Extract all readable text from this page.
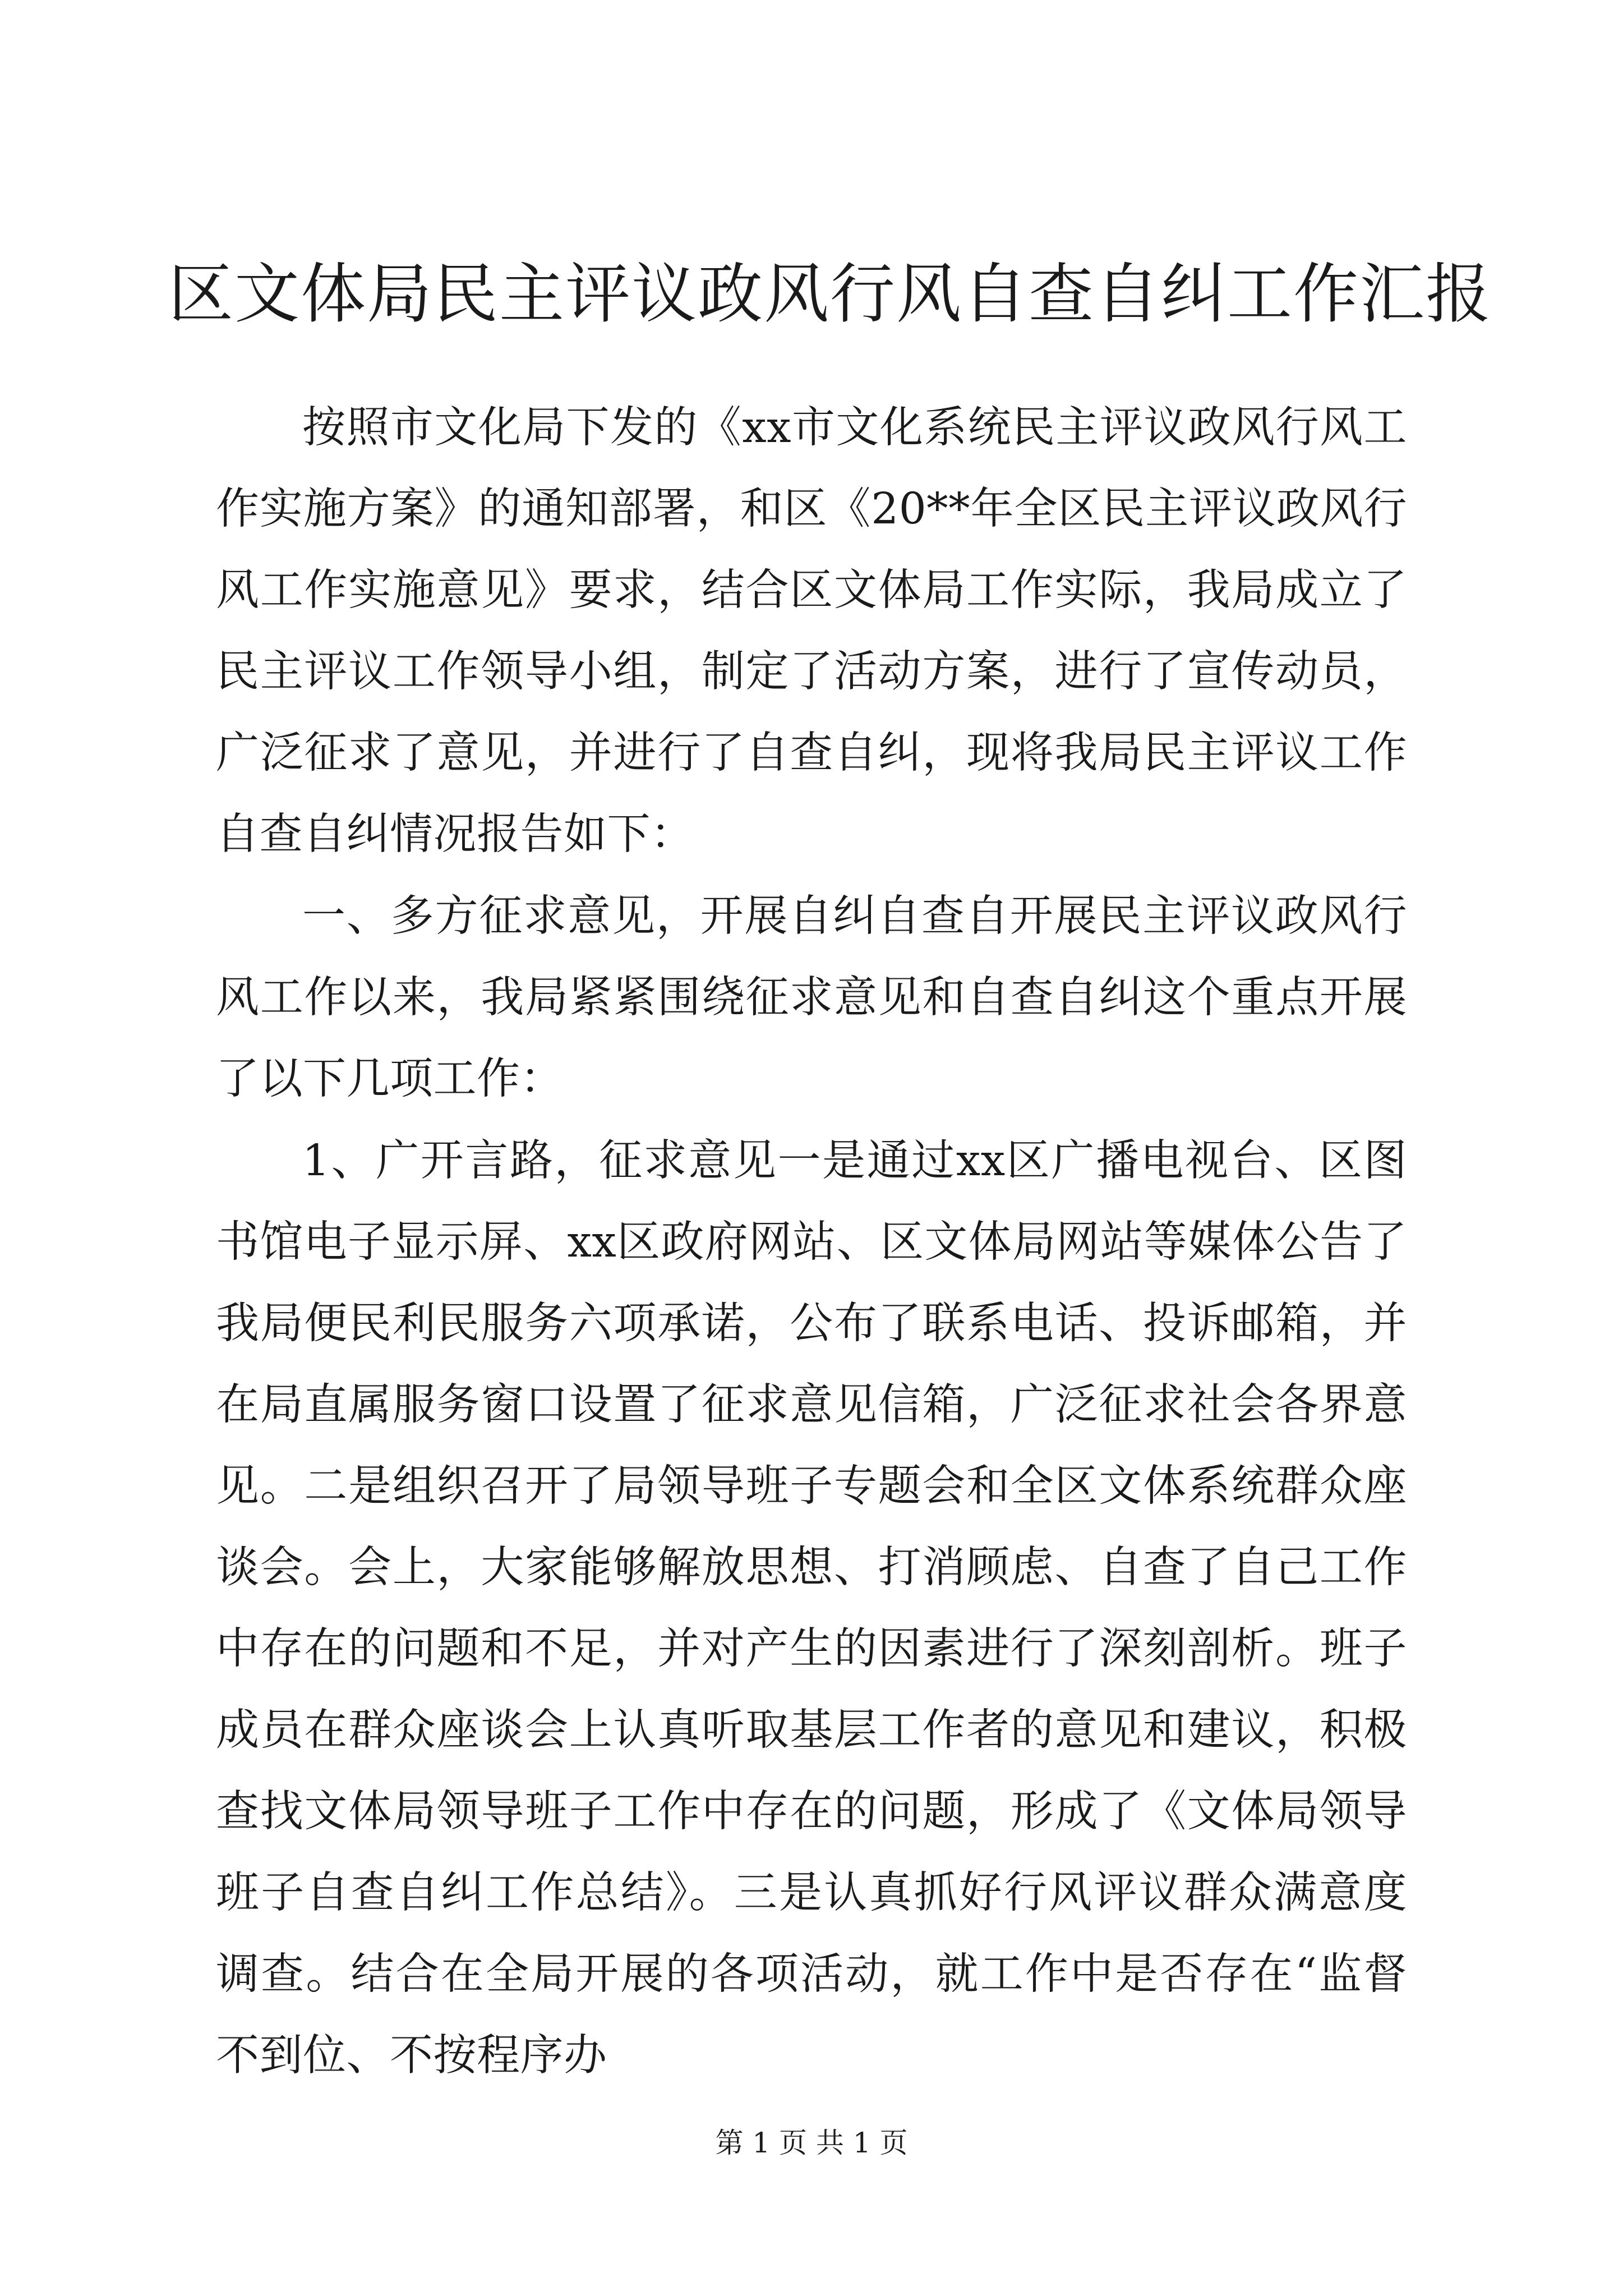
区文体局民主评议政风行风自查自纠工作汇报

按照市文化局下发的《xx市文化系统民主评议政风行风工作实施方案》的通知部署，和区《20**年全区民主评议政风行风工作实施意见》要求，结合区文体局工作实际，我局成立了民主评议工作领导小组，制定了活动方案，进行了宣传动员，广泛征求了意见，并进行了自查自纠，现将我局民主评议工作自查自纠情况报告如下：

一、多方征求意见，开展自纠自查自开展民主评议政风行风工作以来，我局紧紧围绕征求意见和自查自纠这个重点开展了以下几项工作：

1、广开言路，征求意见一是通过xx区广播电视台、区图书馆电子显示屏、xx区政府网站、区文体局网站等媒体公告了我局便民利民服务六项承诺，公布了联系电话、投诉邮箱，并在局直属服务窗口设置了征求意见信箱，广泛征求社会各界意见。二是组织召开了局领导班子专题会和全区文体系统群众座谈会。会上，大家能够解放思想、打消顾虑、自查了自己工作中存在的问题和不足，并对产生的因素进行了深刻剖析。班子成员在群众座谈会上认真听取基层工作者的意见和建议，积极查找文体局领导班子工作中存在的问题，形成了《文体局领导班子自查自纠工作总结》。三是认真抓好行风评议群众满意度调查。结合在全局开展的各项活动，就工作中是否存在“监督不到位、不按程序办

第 1 页 共 1 页
